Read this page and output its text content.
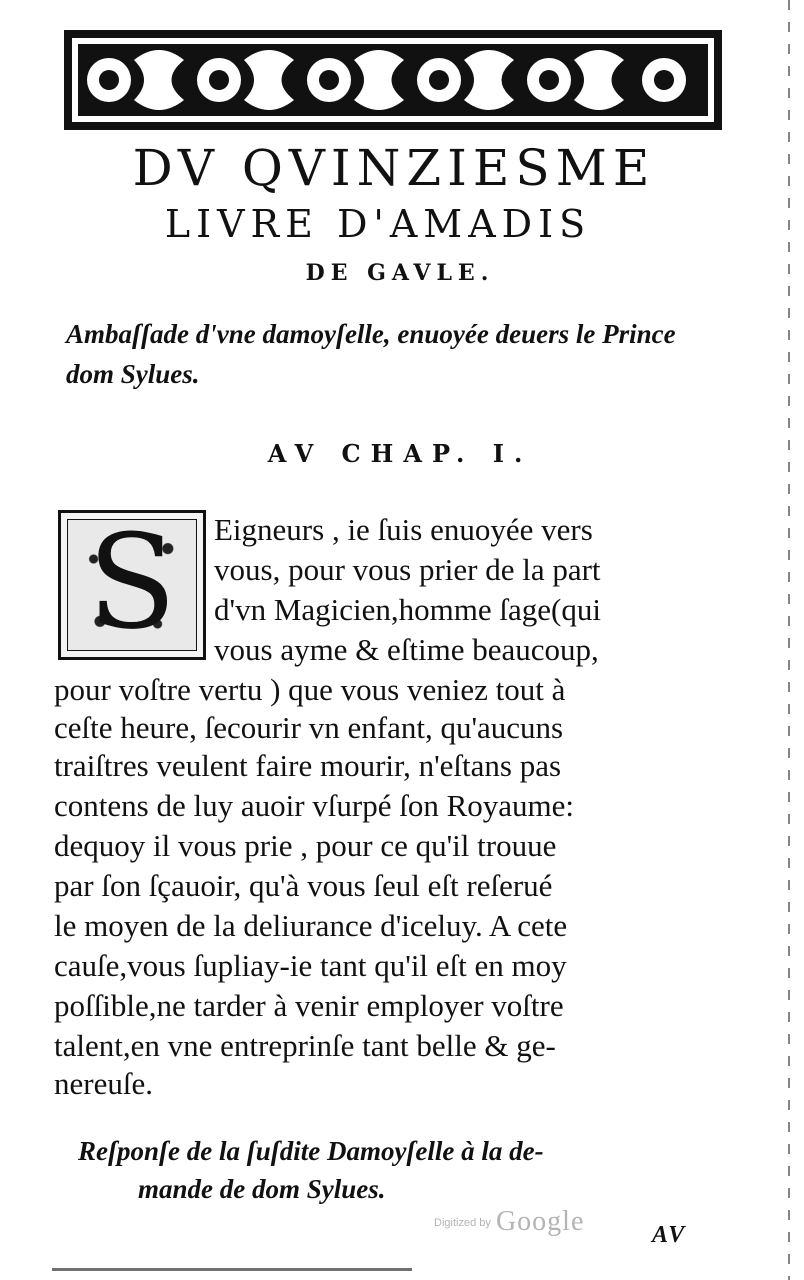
DV QVINZIESME
LIVRE D'AMADIS
DE GAVLE.
Ambaſſade d'vne damoyſelle, enuoyée deuers le Prince dom Sylues.
AV CHAP. I.
S	Eigneurs , ie ſuis enuoyée vers
vous, pour vous prier de la part
d'vn Magicien,homme ſage(qui
vous ayme & eſtime beaucoup,
pour voſtre vertu ) que vous veniez tout à
ceſte heure, ſecourir vn enfant, qu'aucuns
traiſtres veulent faire mourir, n'eſtans pas
contens de luy auoir vſurpé ſon Royaume:
dequoy il vous prie , pour ce qu'il trouue
par ſon ſçauoir, qu'à vous ſeul eſt reſerué
le moyen de la deliurance d'iceluy. A cete
cauſe,vous ſupliay-ie tant qu'il eſt en moy
poſſible,ne tarder à venir employer voſtre
talent,en vne entreprinſe tant belle & ge-
nereuſe.
Reſponſe de la ſuſdite Damoyſelle à la de-
mande de dom Sylues.
$^{Digitized by}$ Google	AV
